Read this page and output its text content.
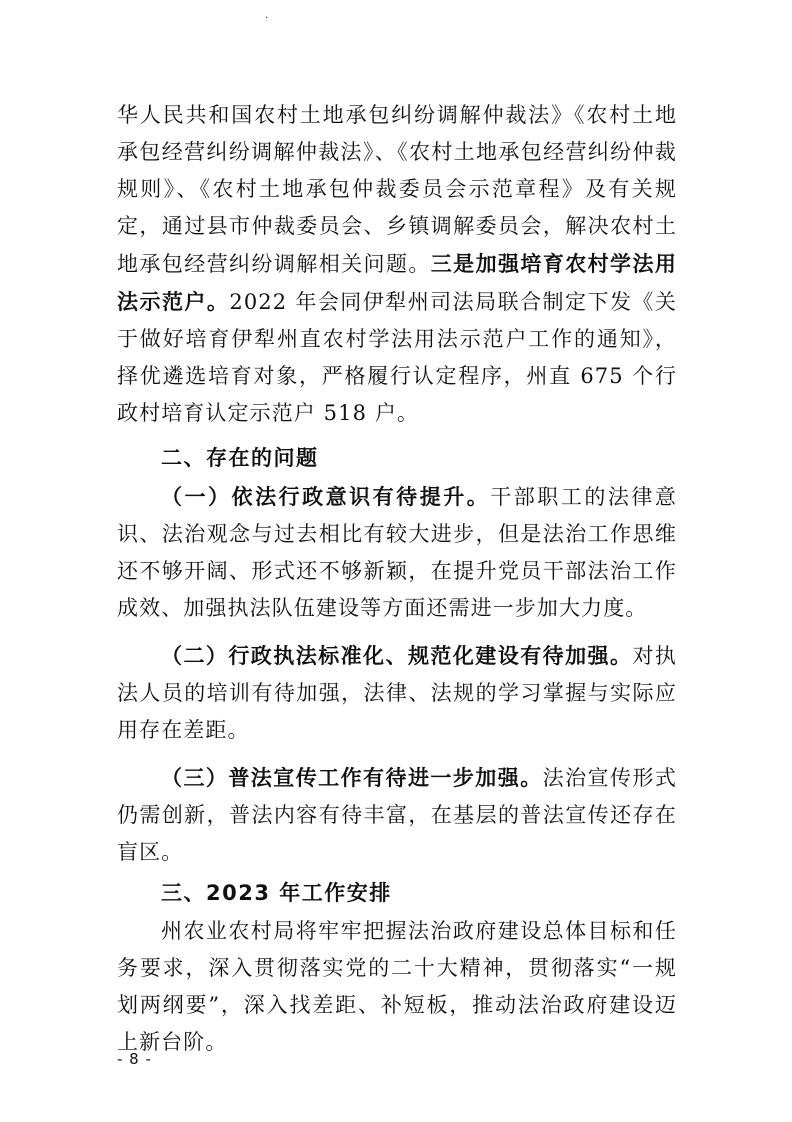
·

华人民共和国农村土地承包纠纷调解仲裁法》《农村土地承包经营纠纷调解仲裁法》、《农村土地承包经营纠纷仲裁规则》、《农村土地承包仲裁委员会示范章程》及有关规定，通过县市仲裁委员会、乡镇调解委员会，解决农村土地承包经营纠纷调解相关问题。三是加强培育农村学法用法示范户。2022 年会同伊犁州司法局联合制定下发《关于做好培育伊犁州直农村学法用法示范户工作的通知》，择优遴选培育对象，严格履行认定程序，州直 675 个行政村培育认定示范户 518 户。

二、存在的问题

（一）依法行政意识有待提升。干部职工的法律意识、法治观念与过去相比有较大进步，但是法治工作思维还不够开阔、形式还不够新颖，在提升党员干部法治工作成效、加强执法队伍建设等方面还需进一步加大力度。

（二）行政执法标准化、规范化建设有待加强。对执法人员的培训有待加强，法律、法规的学习掌握与实际应用存在差距。

（三）普法宣传工作有待进一步加强。法治宣传形式仍需创新，普法内容有待丰富，在基层的普法宣传还存在盲区。

三、2023 年工作安排

州农业农村局将牢牢把握法治政府建设总体目标和任务要求，深入贯彻落实党的二十大精神，贯彻落实“一规划两纲要”，深入找差距、补短板，推动法治政府建设迈上新台阶。

- 8 -
